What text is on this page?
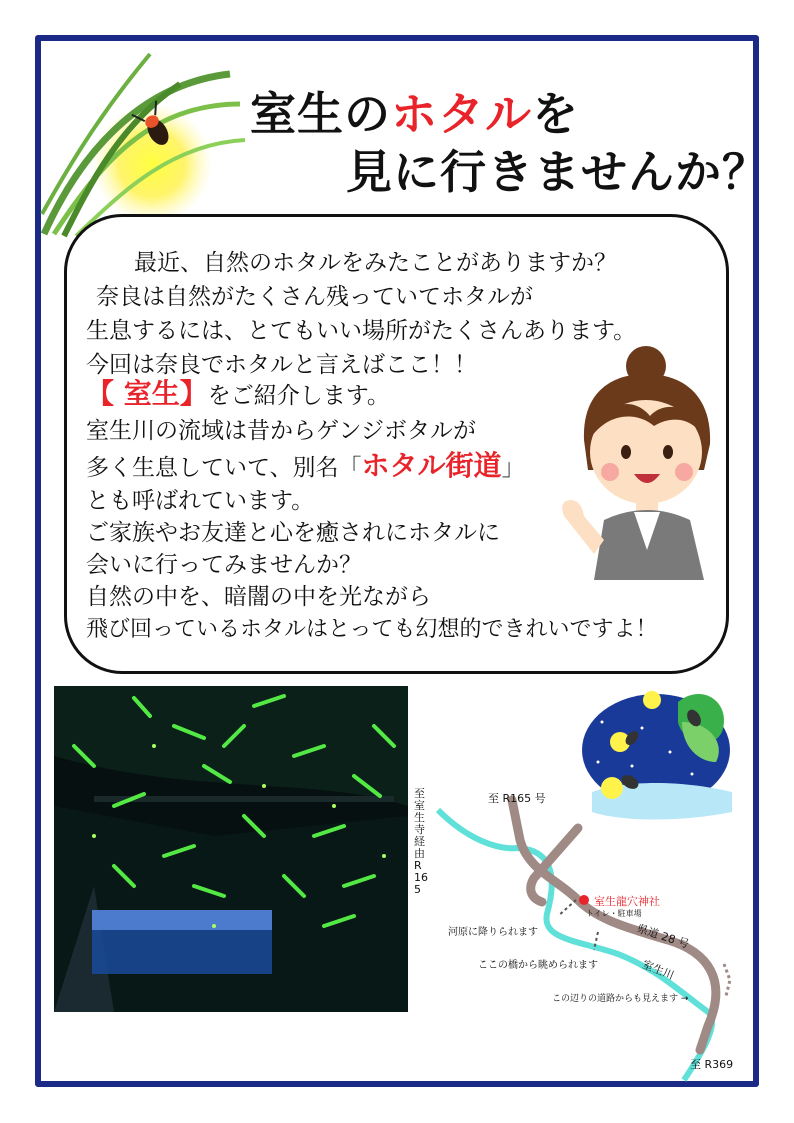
室生のホタルを
見に行きませんか？
最近、自然のホタルをみたことがありますか？
奈良は自然がたくさん残っていてホタルが
生息するには、とてもいい場所がたくさんあります。
今回は奈良でホタルと言えばここ！！
【 室生】をご紹介します。
室生川の流域は昔からゲンジボタルが
多く生息していて、別名「ホタル街道」
とも呼ばれています。
ご家族やお友達と心を癒されにホタルに
会いに行ってみませんか？
自然の中を、暗闇の中を光ながら
飛び回っているホタルはとっても幻想的できれいですよ！
至 R165 号
至室生寺経由R165
室生龍穴神社
トイレ・駐車場
河原に降りられます
ここの橋から眺められます
県道 28 号
室生川
この辺りの道路からも見えます →
至 R369
